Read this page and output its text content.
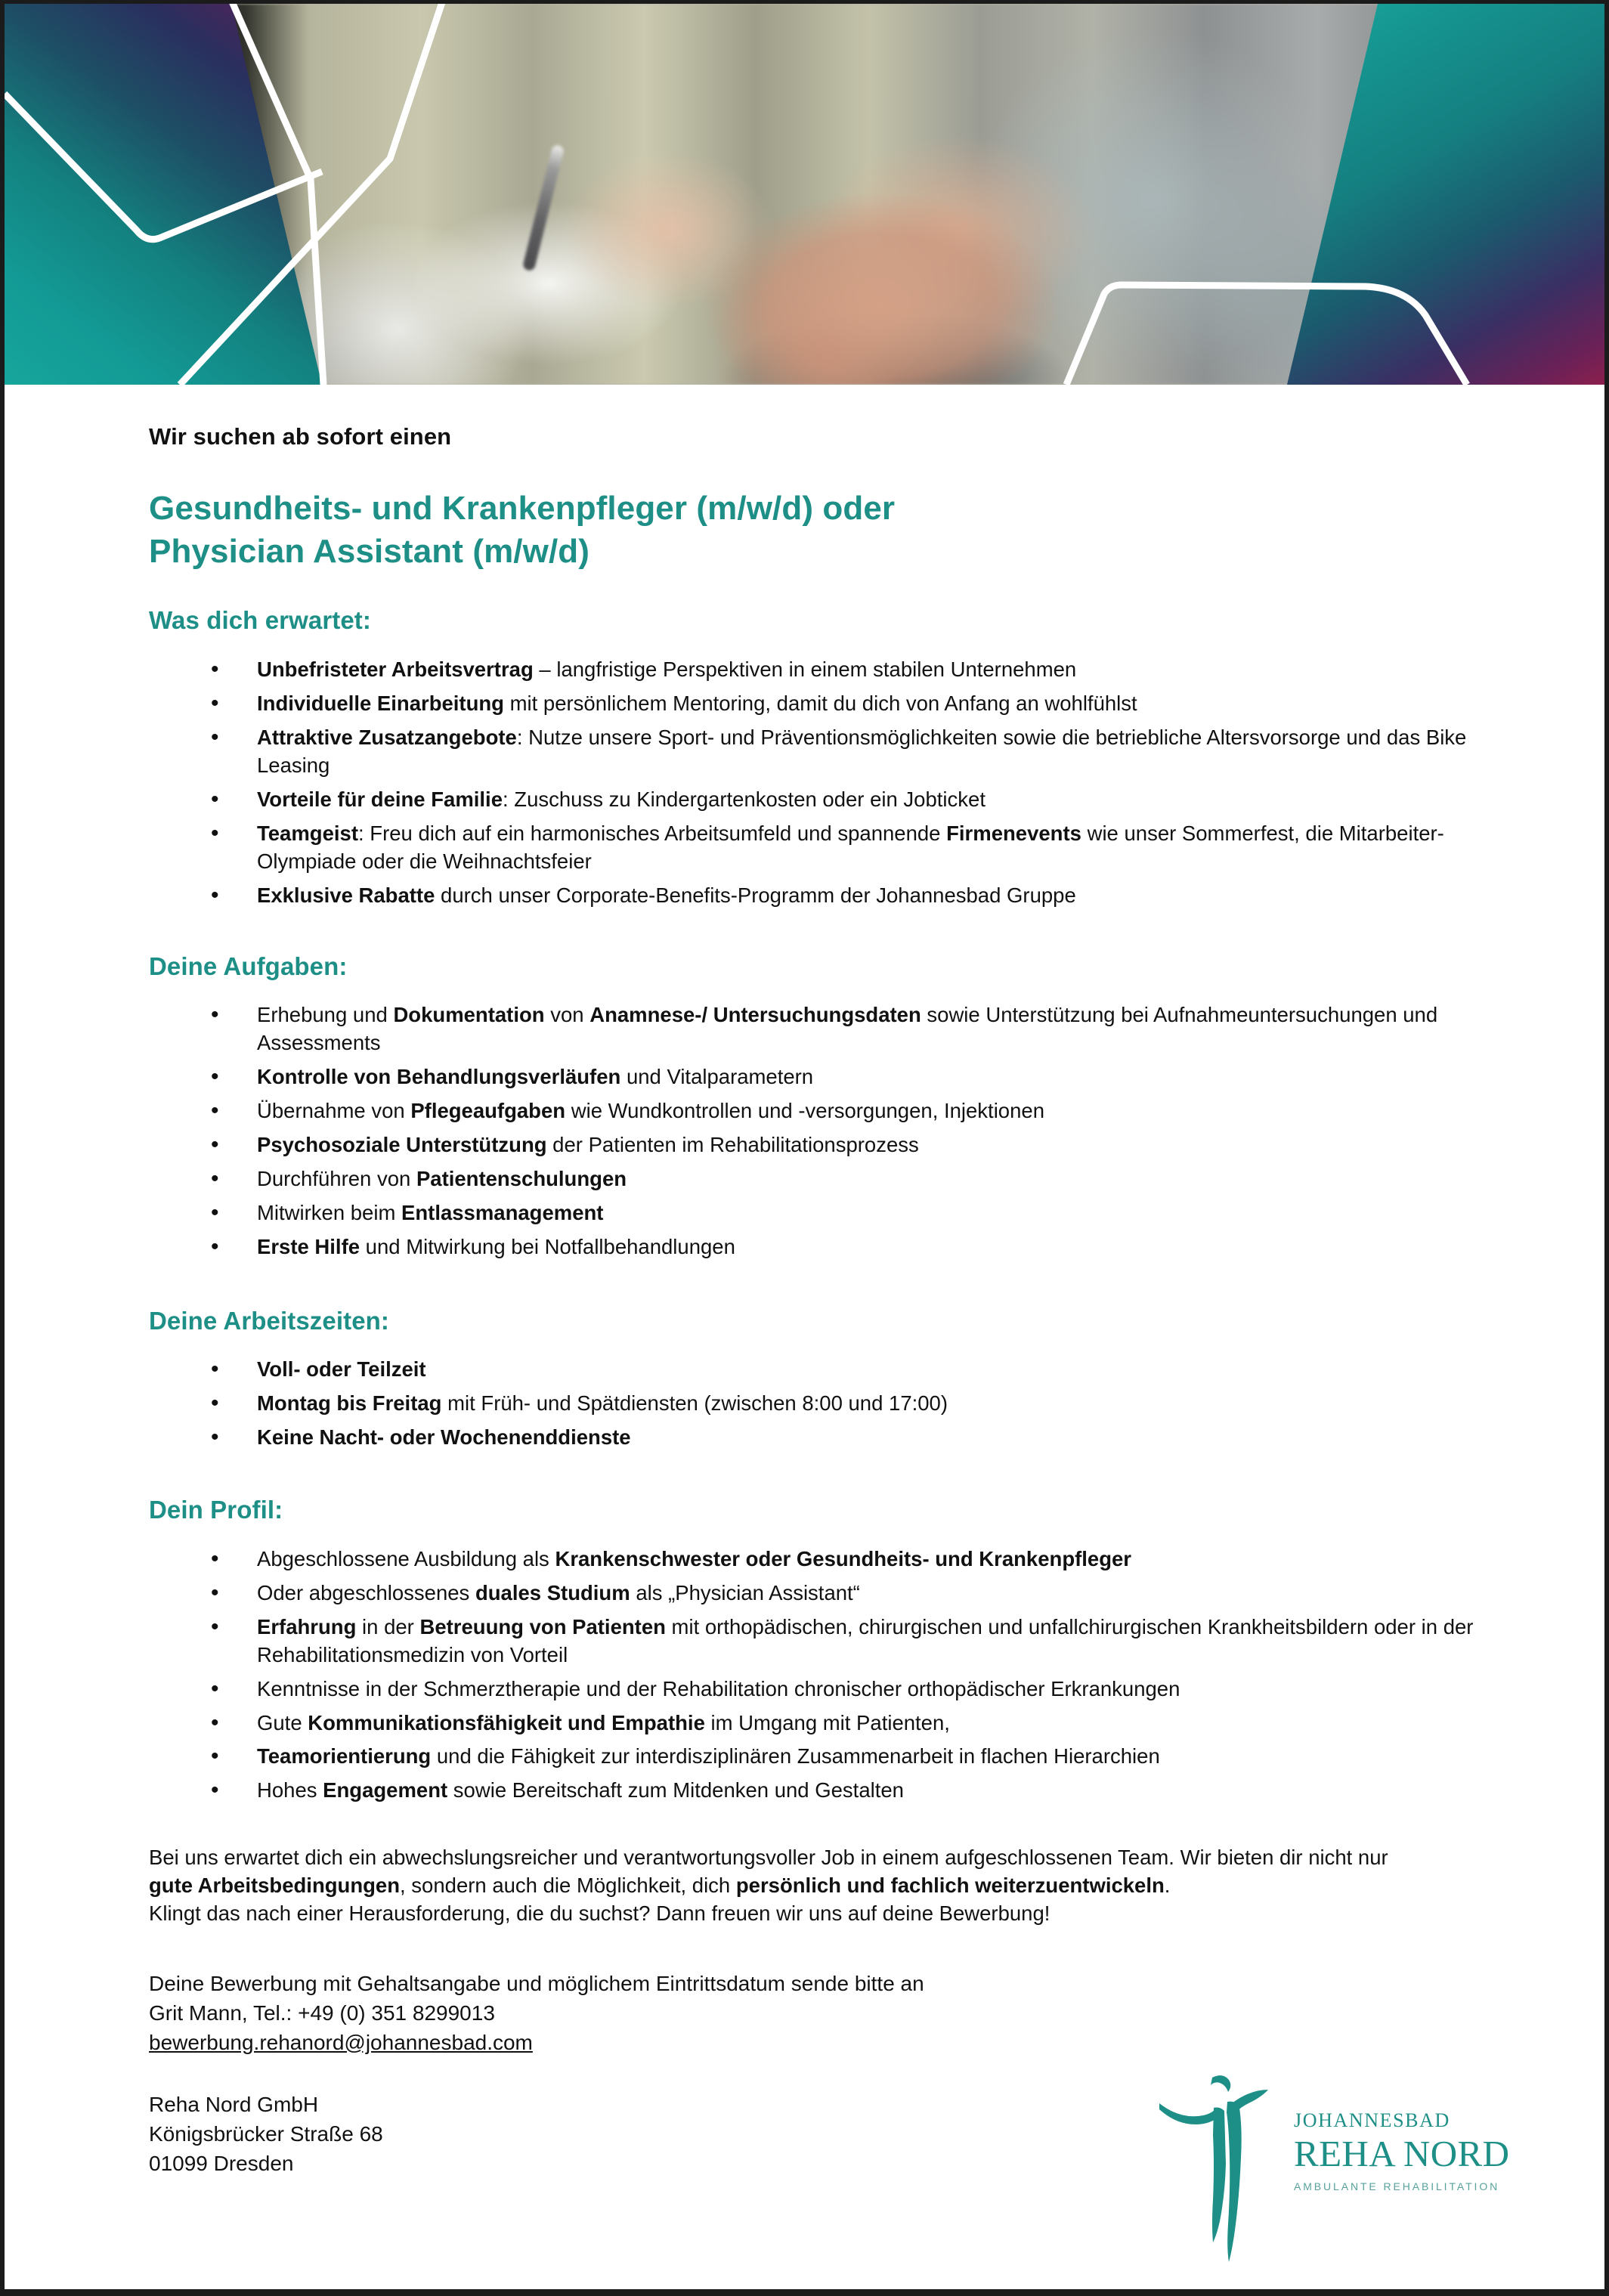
Wir suchen ab sofort einen
Gesundheits- und Krankenpfleger (m/w/d) oder
Physician Assistant (m/w/d)
Was dich erwartet:
• Unbefristeter Arbeitsvertrag – langfristige Perspektiven in einem stabilen Unternehmen
• Individuelle Einarbeitung mit persönlichem Mentoring, damit du dich von Anfang an wohlfühlst
• Attraktive Zusatzangebote: Nutze unsere Sport- und Präventionsmöglichkeiten sowie die betriebliche Altersvorsorge und das Bike Leasing
• Vorteile für deine Familie: Zuschuss zu Kindergartenkosten oder ein Jobticket
• Teamgeist: Freu dich auf ein harmonisches Arbeitsumfeld und spannende Firmenevents wie unser Sommerfest, die Mitarbeiter-Olympiade oder die Weihnachtsfeier
• Exklusive Rabatte durch unser Corporate-Benefits-Programm der Johannesbad Gruppe
Deine Aufgaben:
• Erhebung und Dokumentation von Anamnese-/ Untersuchungsdaten sowie Unterstützung bei Aufnahmeuntersuchungen und Assessments
• Kontrolle von Behandlungsverläufen und Vitalparametern
• Übernahme von Pflegeaufgaben wie Wundkontrollen und -versorgungen, Injektionen
• Psychosoziale Unterstützung der Patienten im Rehabilitationsprozess
• Durchführen von Patientenschulungen
• Mitwirken beim Entlassmanagement
• Erste Hilfe und Mitwirkung bei Notfallbehandlungen
Deine Arbeitszeiten:
• Voll- oder Teilzeit
• Montag bis Freitag mit Früh- und Spätdiensten (zwischen 8:00 und 17:00)
• Keine Nacht- oder Wochenenddienste
Dein Profil:
• Abgeschlossene Ausbildung als Krankenschwester oder Gesundheits- und Krankenpfleger
• Oder abgeschlossenes duales Studium als „Physician Assistant“
• Erfahrung in der Betreuung von Patienten mit orthopädischen, chirurgischen und unfallchirurgischen Krankheitsbildern oder in der Rehabilitationsmedizin von Vorteil
• Kenntnisse in der Schmerztherapie und der Rehabilitation chronischer orthopädischer Erkrankungen
• Gute Kommunikationsfähigkeit und Empathie im Umgang mit Patienten,
• Teamorientierung und die Fähigkeit zur interdisziplinären Zusammenarbeit in flachen Hierarchien
• Hohes Engagement sowie Bereitschaft zum Mitdenken und Gestalten

Bei uns erwartet dich ein abwechslungsreicher und verantwortungsvoller Job in einem aufgeschlossenen Team. Wir bieten dir nicht nur gute Arbeitsbedingungen, sondern auch die Möglichkeit, dich persönlich und fachlich weiterzuentwickeln.

Klingt das nach einer Herausforderung, die du suchst? Dann freuen wir uns auf deine Bewerbung!

Deine Bewerbung mit Gehaltsangabe und möglichem Eintrittsdatum sende bitte an
Grit Mann, Tel.: +49 (0) 351 8299013
bewerbung.rehanord@johannesbad.com
Reha Nord GmbH
Königsbrücker Straße 68
01099 Dresden
JOHANNESBAD
REHA NORD
AMBULANTE REHABILITATION
